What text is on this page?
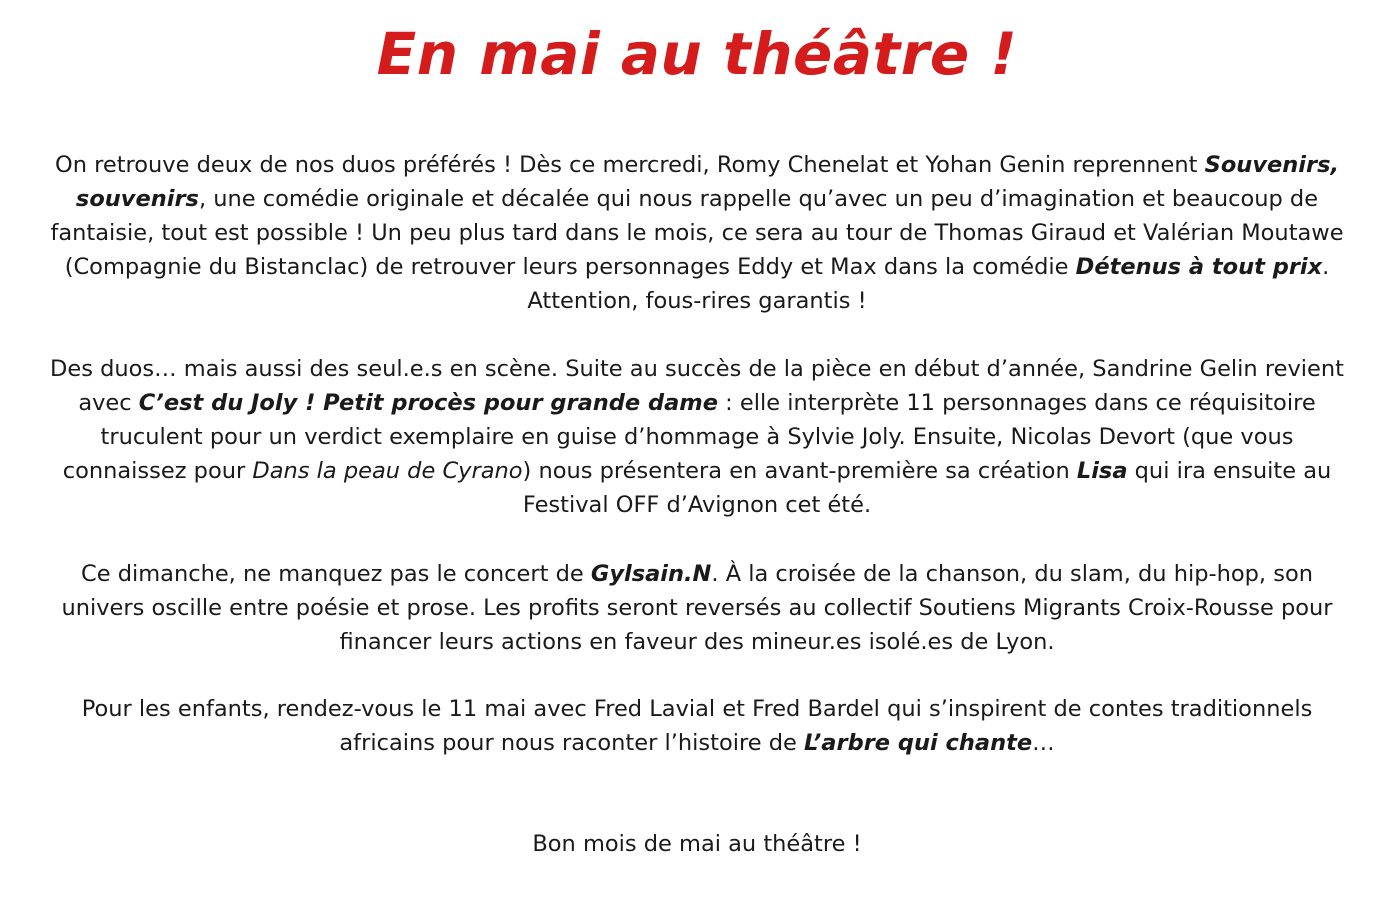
En mai au théâtre !

On retrouve deux de nos duos préférés ! Dès ce mercredi, Romy Chenelat et Yohan Genin reprennent Souvenirs, souvenirs, une comédie originale et décalée qui nous rappelle qu’avec un peu d’imagination et beaucoup de fantaisie, tout est possible ! Un peu plus tard dans le mois, ce sera au tour de Thomas Giraud et Valérian Moutawe (Compagnie du Bistanclac) de retrouver leurs personnages Eddy et Max dans la comédie Détenus à tout prix. Attention, fous-rires garantis !

Des duos… mais aussi des seul.e.s en scène. Suite au succès de la pièce en début d’année, Sandrine Gelin revient avec C’est du Joly ! Petit procès pour grande dame : elle interprète 11 personnages dans ce réquisitoire truculent pour un verdict exemplaire en guise d’hommage à Sylvie Joly. Ensuite, Nicolas Devort (que vous connaissez pour Dans la peau de Cyrano) nous présentera en avant-première sa création Lisa qui ira ensuite au Festival OFF d’Avignon cet été.

Ce dimanche, ne manquez pas le concert de Gylsain.N. À la croisée de la chanson, du slam, du hip-hop, son univers oscille entre poésie et prose. Les profits seront reversés au collectif Soutiens Migrants Croix-Rousse pour financer leurs actions en faveur des mineur.es isolé.es de Lyon.

Pour les enfants, rendez-vous le 11 mai avec Fred Lavial et Fred Bardel qui s’inspirent de contes traditionnels africains pour nous raconter l’histoire de L’arbre qui chante…

Bon mois de mai au théâtre !
